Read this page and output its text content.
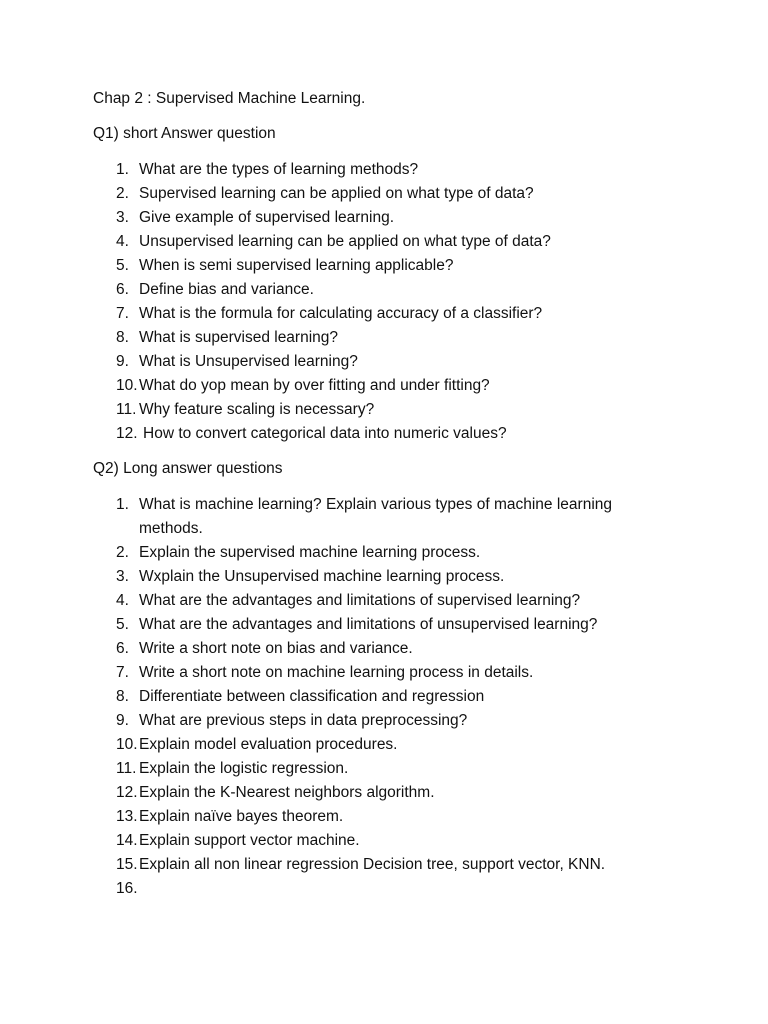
Chap 2 : Supervised Machine Learning.
Q1) short Answer question
1. What are the types of learning methods?
2. Supervised learning can be applied on what type of data?
3. Give example of supervised learning.
4. Unsupervised learning can be applied on what type of data?
5. When is semi supervised learning applicable?
6. Define bias and variance.
7. What is the formula for calculating accuracy of a classifier?
8. What is supervised learning?
9. What is Unsupervised learning?
10. What do yop mean by over fitting and under fitting?
11. Why feature scaling is necessary?
12. How to convert categorical data into numeric values?
Q2) Long answer questions
1. What is machine learning? Explain various types of machine learning methods.
2. Explain the supervised machine learning process.
3. Wxplain the Unsupervised machine learning process.
4. What are the advantages and limitations of supervised learning?
5. What are the advantages and limitations of unsupervised learning?
6. Write a short note on bias and variance.
7. Write a short note on machine learning process in details.
8. Differentiate between classification and regression
9. What are previous steps in data preprocessing?
10. Explain model evaluation procedures.
11. Explain the logistic regression.
12. Explain the K-Nearest neighbors algorithm.
13. Explain naïve bayes theorem.
14. Explain support vector machine.
15. Explain all non linear regression Decision tree, support vector, KNN.
16.
